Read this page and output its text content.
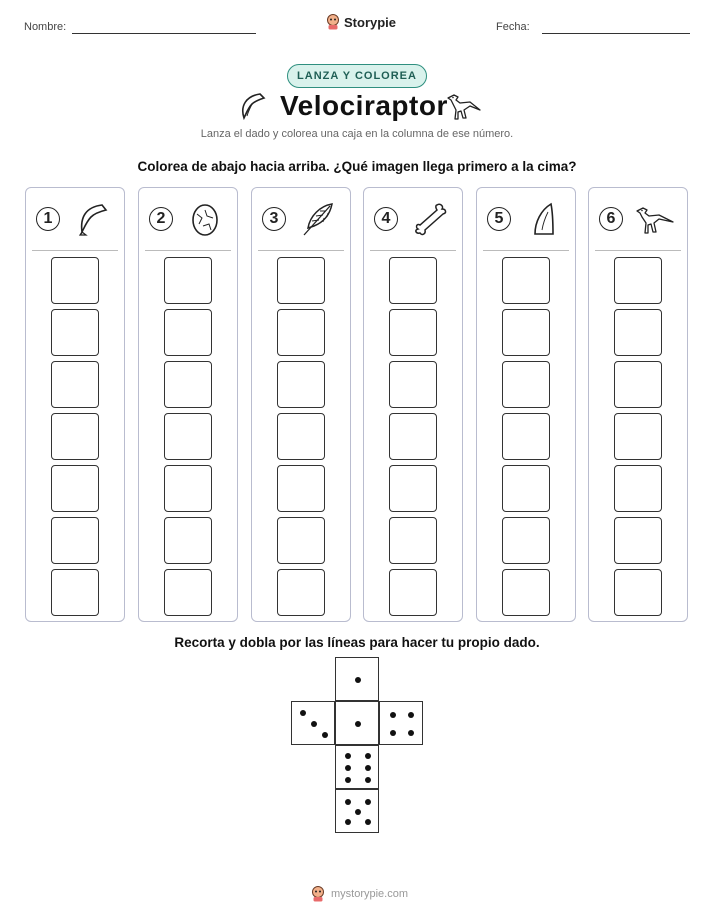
Nombre:	Storypie	Fecha:
LANZA Y COLOREA
Velociraptor
Lanza el dado y colorea una caja en la columna de ese número.
Colorea de abajo hacia arriba. ¿Qué imagen llega primero a la cima?
1	2	3	4	5	6
Recorta y dobla por las líneas para hacer tu propio dado.
mystorypie.com
